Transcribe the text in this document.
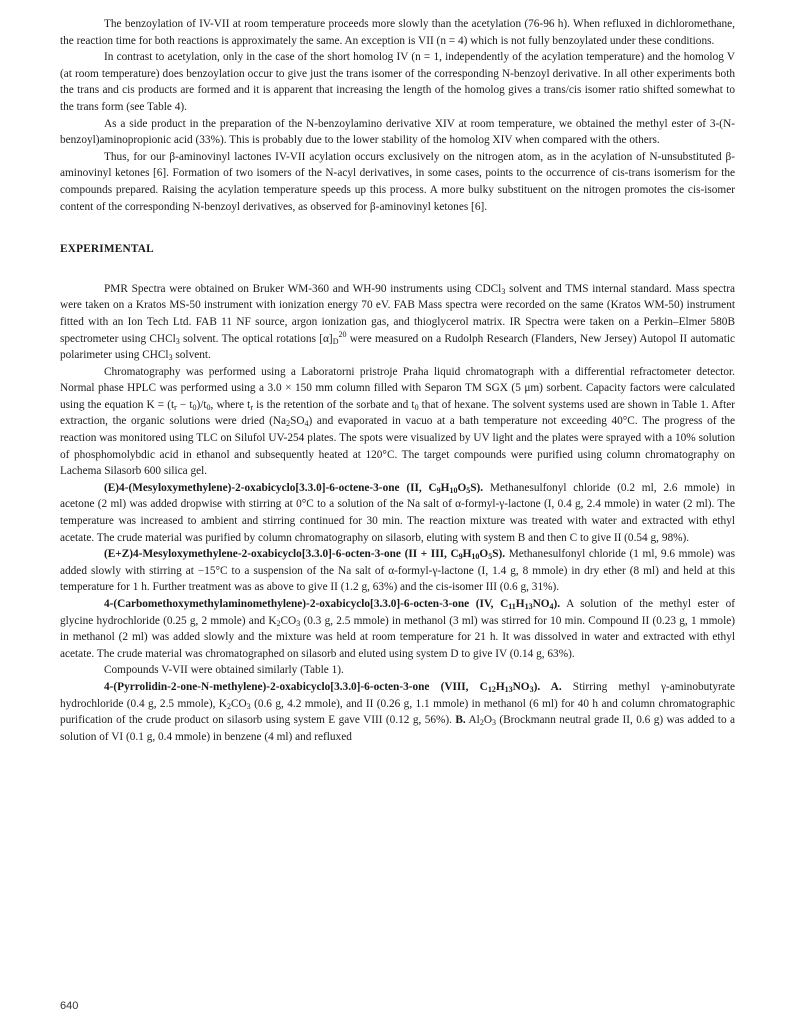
The benzoylation of IV-VII at room temperature proceeds more slowly than the acetylation (76-96 h). When refluxed in dichloromethane, the reaction time for both reactions is approximately the same. An exception is VII (n = 4) which is not fully benzoylated under these conditions.

In contrast to acetylation, only in the case of the short homolog IV (n = 1, independently of the acylation temperature) and the homolog V (at room temperature) does benzoylation occur to give just the trans isomer of the corresponding N-benzoyl derivative. In all other experiments both the trans and cis products are formed and it is apparent that increasing the length of the homolog gives a trans/cis isomer ratio shifted somewhat to the trans form (see Table 4).

As a side product in the preparation of the N-benzoylamino derivative XIV at room temperature, we obtained the methyl ester of 3-(N-benzoyl)aminopropionic acid (33%). This is probably due to the lower stability of the homolog XIV when compared with the others.

Thus, for our β-aminovinyl lactones IV-VII acylation occurs exclusively on the nitrogen atom, as in the acylation of N-unsubstituted β-aminovinyl ketones [6]. Formation of two isomers of the N-acyl derivatives, in some cases, points to the occurrence of cis-trans isomerism for the compounds prepared. Raising the acylation temperature speeds up this process. A more bulky substituent on the nitrogen promotes the cis-isomer content of the corresponding N-benzoyl derivatives, as observed for β-aminovinyl ketones [6].

EXPERIMENTAL

PMR Spectra were obtained on Bruker WM-360 and WH-90 instruments using CDCl$_3$ solvent and TMS internal standard. Mass spectra were taken on a Kratos MS-50 instrument with ionization energy 70 eV. FAB Mass spectra were recorded on the same (Kratos WM-50) instrument fitted with an Ion Tech Ltd. FAB 11 NF source, argon ionization gas, and thioglycerol matrix. IR Spectra were taken on a Perkin–Elmer 580B spectrometer using CHCl$_3$ solvent. The optical rotations $[\alpha]_D^{20}$ were measured on a Rudolph Research (Flanders, New Jersey) Autopol II automatic polarimeter using CHCl$_3$ solvent.

Chromatography was performed using a Laboratorni pristroje Praha liquid chromatograph with a differential refractometer detector. Normal phase HPLC was performed using a 3.0 × 150 mm column filled with Separon TM SGX (5 μm) sorbent. Capacity factors were calculated using the equation $K = (t_r - t_0)/t_0$, where $t_r$ is the retention of the sorbate and $t_0$ that of hexane. The solvent systems used are shown in Table 1. After extraction, the organic solutions were dried $(Na_2SO_4)$ and evaporated in vacuo at a bath temperature not exceeding 40°C. The progress of the reaction was monitored using TLC on Silufol UV-254 plates. The spots were visualized by UV light and the plates were sprayed with a 10% solution of phosphomolybdic acid in ethanol and subsequently heated at 120°C. The target compounds were purified using column chromatography on Lachema Silasorb 600 silica gel.

(E)4-(Mesyloxymethylene)-2-oxabicyclo[3.3.0]-6-octene-3-one (II, $C_9H_{10}O_5S$). Methanesulfonyl chloride (0.2 ml, 2.6 mmole) in acetone (2 ml) was added dropwise with stirring at 0°C to a solution of the Na salt of α-formyl-γ-lactone (I, 0.4 g, 2.4 mmole) in water (2 ml). The temperature was increased to ambient and stirring continued for 30 min. The reaction mixture was treated with water and extracted with ethyl acetate. The crude material was purified by column chromatography on silasorb, eluting with system B and then C to give II (0.54 g, 98%).

(E+Z)4-Mesyloxymethylene-2-oxabicyclo[3.3.0]-6-octen-3-one (II + III, $C_9H_{10}O_5S$). Methanesulfonyl chloride (1 ml, 9.6 mmole) was added slowly with stirring at −15°C to a suspension of the Na salt of α-formyl-γ-lactone (I, 1.4 g, 8 mmole) in dry ether (8 ml) and held at this temperature for 1 h. Further treatment was as above to give II (1.2 g, 63%) and the cis-isomer III (0.6 g, 31%).

4-(Carbomethoxymethylaminomethylene)-2-oxabicyclo[3.3.0]-6-octen-3-one (IV, $C_{11}H_{13}NO_4$). A solution of the methyl ester of glycine hydrochloride (0.25 g, 2 mmole) and $K_2CO_3$ (0.3 g, 2.5 mmole) in methanol (3 ml) was stirred for 10 min. Compound II (0.23 g, 1 mmole) in methanol (2 ml) was added slowly and the mixture was held at room temperature for 21 h. It was dissolved in water and extracted with ethyl acetate. The crude material was chromatographed on silasorb and eluted using system D to give IV (0.14 g, 63%).

Compounds V-VII were obtained similarly (Table 1).

4-(Pyrrolidin-2-one-N-methylene)-2-oxabicyclo[3.3.0]-6-octen-3-one (VIII, $C_{12}H_{13}NO_3$). A. Stirring methyl γ-aminobutyrate hydrochloride (0.4 g, 2.5 mmole), $K_2CO_3$ (0.6 g, 4.2 mmole), and II (0.26 g, 1.1 mmole) in methanol (6 ml) for 40 h and column chromatographic purification of the crude product on silasorb using system E gave VIII (0.12 g, 56%). B. $Al_2O_3$ (Brockmann neutral grade II, 0.6 g) was added to a solution of VI (0.1 g, 0.4 mmole) in benzene (4 ml) and refluxed

640
